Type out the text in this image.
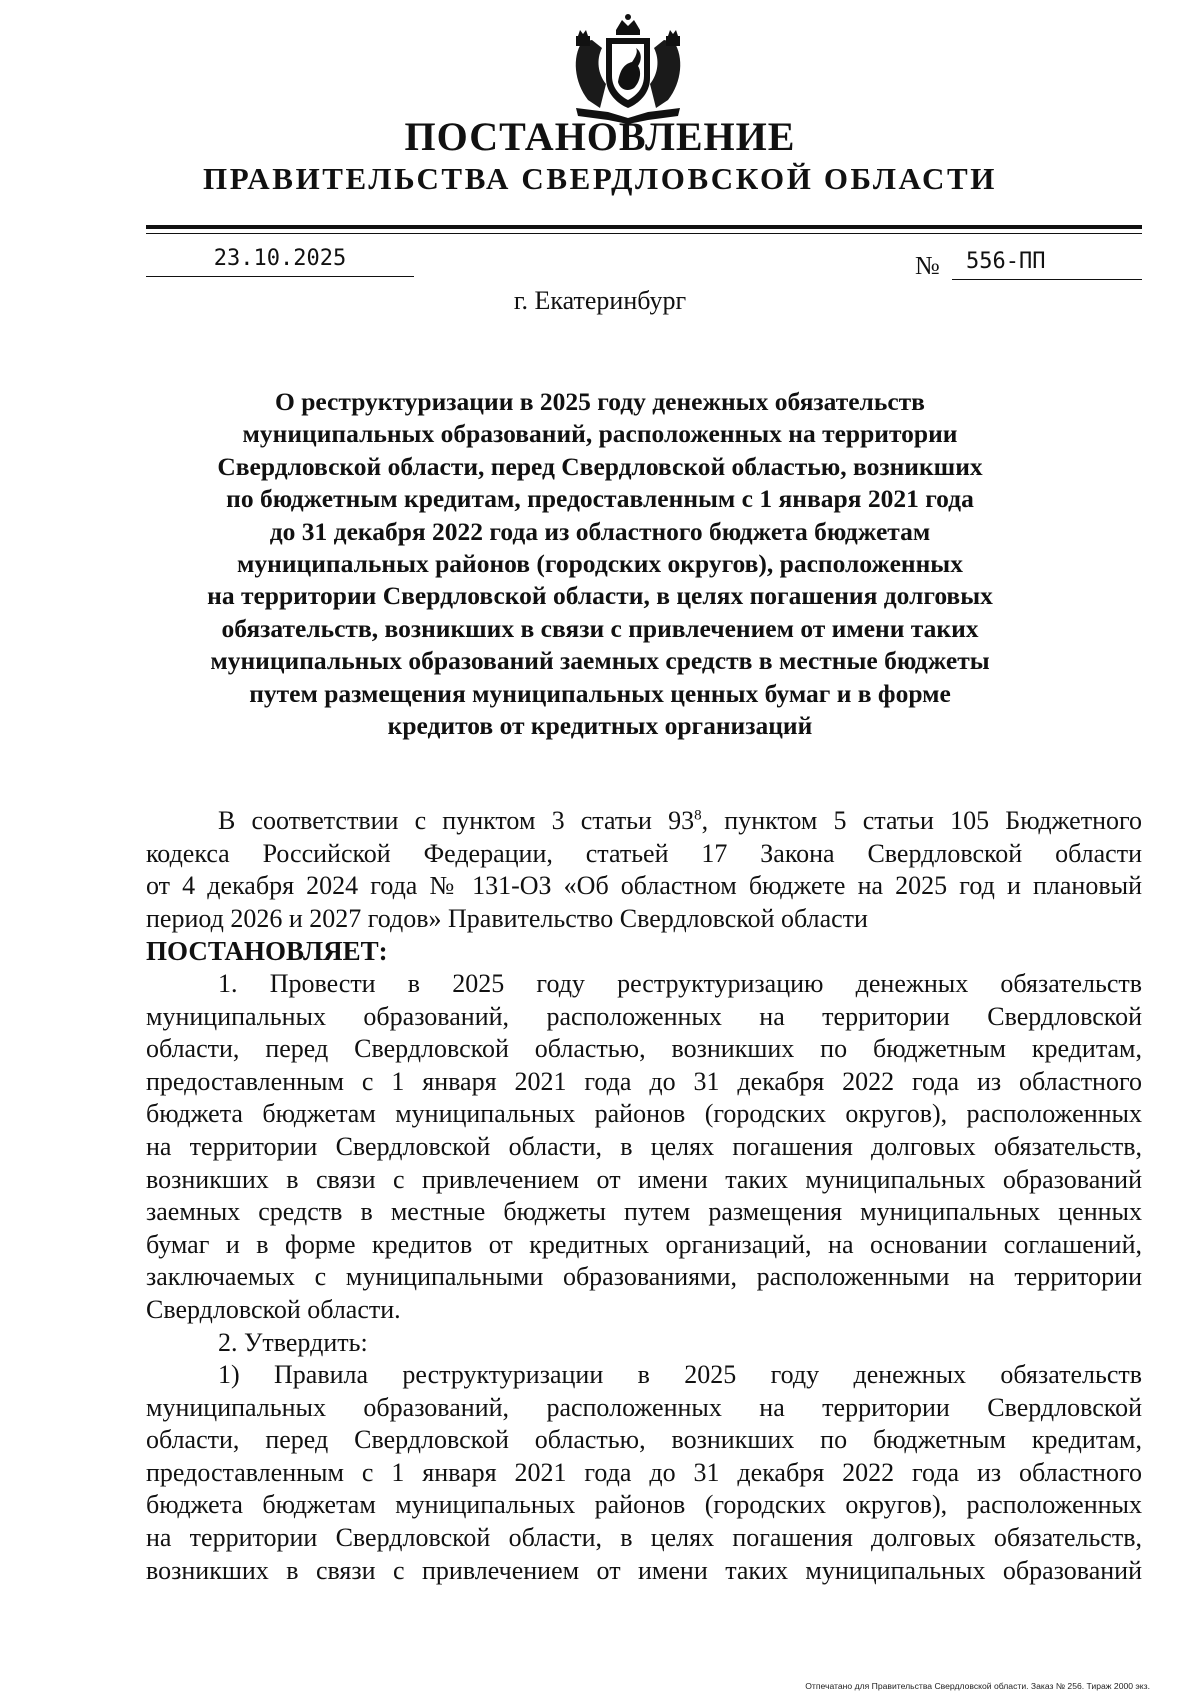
ПОСТАНОВЛЕНИЕ
ПРАВИТЕЛЬСТВА СВЕРДЛОВСКОЙ ОБЛАСТИ
23.10.2025	№	556-ПП
г. Екатеринбург
О реструктуризации в 2025 году денежных обязательств
муниципальных образований, расположенных на территории
Свердловской области, перед Свердловской областью, возникших
по бюджетным кредитам, предоставленным с 1 января 2021 года
до 31 декабря 2022 года из областного бюджета бюджетам
муниципальных районов (городских округов), расположенных
на территории Свердловской области, в целях погашения долговых
обязательств, возникших в связи с привлечением от имени таких
муниципальных образований заемных средств в местные бюджеты
путем размещения муниципальных ценных бумаг и в форме
кредитов от кредитных организаций
В соответствии с пунктом 3 статьи $93^8$, пунктом 5 статьи 105 Бюджетного
кодекса Российской Федерации, статьей 17 Закона Свердловской области
от 4 декабря 2024 года № 131-ОЗ «Об областном бюджете на 2025 год и плановый
период 2026 и 2027 годов» Правительство Свердловской области
ПОСТАНОВЛЯЕТ:
1. Провести в 2025 году реструктуризацию денежных обязательств
муниципальных образований, расположенных на территории Свердловской
области, перед Свердловской областью, возникших по бюджетным кредитам,
предоставленным с 1 января 2021 года до 31 декабря 2022 года из областного
бюджета бюджетам муниципальных районов (городских округов), расположенных
на территории Свердловской области, в целях погашения долговых обязательств,
возникших в связи с привлечением от имени таких муниципальных образований
заемных средств в местные бюджеты путем размещения муниципальных ценных
бумаг и в форме кредитов от кредитных организаций, на основании соглашений,
заключаемых с муниципальными образованиями, расположенными на территории
Свердловской области.
2. Утвердить:
1) Правила реструктуризации в 2025 году денежных обязательств
муниципальных образований, расположенных на территории Свердловской
области, перед Свердловской областью, возникших по бюджетным кредитам,
предоставленным с 1 января 2021 года до 31 декабря 2022 года из областного
бюджета бюджетам муниципальных районов (городских округов), расположенных
на территории Свердловской области, в целях погашения долговых обязательств,
возникших в связи с привлечением от имени таких муниципальных образований
Отпечатано для Правительства Свердловской области. Заказ № 256. Тираж 2000 экз.
